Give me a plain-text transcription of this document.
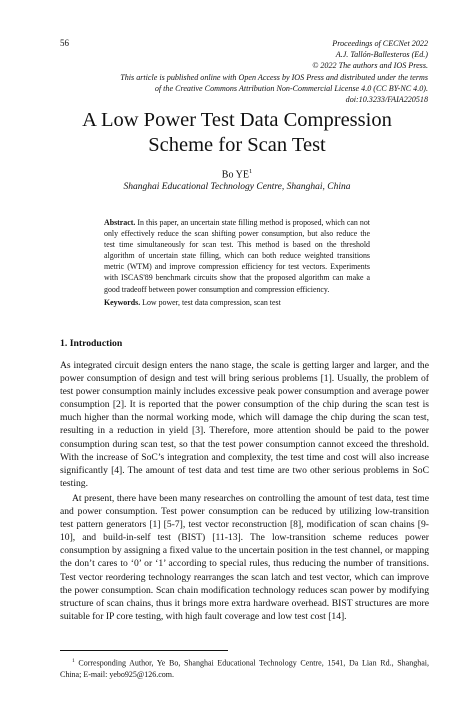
56	Proceedings of CECNet 2022
A.J. Tallón-Ballesteros (Ed.)
© 2022 The authors and IOS Press.
This article is published online with Open Access by IOS Press and distributed under the terms
of the Creative Commons Attribution Non-Commercial License 4.0 (CC BY-NC 4.0).
doi:10.3233/FAIA220518
A Low Power Test Data Compression
Scheme for Scan Test
Bo $YE^1$
Shanghai Educational Technology Centre, Shanghai, China
Abstract. In this paper, an uncertain state filling method is proposed, which can not only effectively reduce the scan shifting power consumption, but also reduce the test time simultaneously for scan test. This method is based on the threshold algorithm of uncertain state filling, which can both reduce weighted transitions metric (WTM) and improve compression efficiency for test vectors. Experiments with ISCAS'89 benchmark circuits show that the proposed algorithm can make a good tradeoff between power consumption and compression efficiency.
Keywords. Low power, test data compression, scan test
1. Introduction
As integrated circuit design enters the nano stage, the scale is getting larger and larger, and the power consumption of design and test will bring serious problems [1]. Usually, the problem of test power consumption mainly includes excessive peak power consumption and average power consumption [2]. It is reported that the power consumption of the chip during the scan test is much higher than the normal working mode, which will damage the chip during the scan test, resulting in a reduction in yield [3]. Therefore, more attention should be paid to the power consumption during scan test, so that the test power consumption cannot exceed the threshold. With the increase of SoC’s integration and complexity, the test time and cost will also increase significantly [4]. The amount of test data and test time are two other serious problems in SoC testing.
At present, there have been many researches on controlling the amount of test data, test time and power consumption. Test power consumption can be reduced by utilizing low-transition test pattern generators [1] [5-7], test vector reconstruction [8], modification of scan chains [9-10], and build-in-self test (BIST) [11-13]. The low-transition scheme reduces power consumption by assigning a fixed value to the uncertain position in the test channel, or mapping the don’t cares to ‘0’ or ‘1’ according to special rules, thus reducing the number of transitions. Test vector reordering technology rearranges the scan latch and test vector, which can improve the power consumption. Scan chain modification technology reduces scan power by modifying structure of scan chains, thus it brings more extra hardware overhead. BIST structures are more suitable for IP core testing, with high fault coverage and low test cost [14].
$^1$ Corresponding Author, Ye Bo, Shanghai Educational Technology Centre, 1541, Da Lian Rd., Shanghai, China; E-mail: yebo925@126.com.
